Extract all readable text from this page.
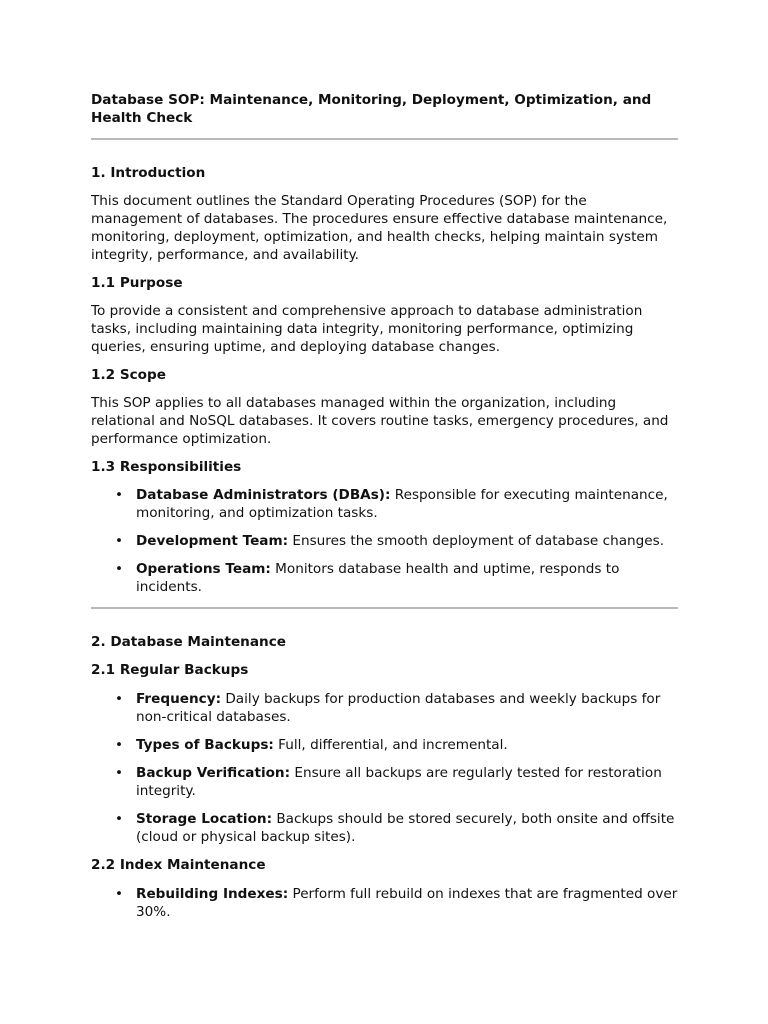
Database SOP: Maintenance, Monitoring, Deployment, Optimization, and Health Check

1. Introduction

This document outlines the Standard Operating Procedures (SOP) for the management of databases. The procedures ensure effective database maintenance, monitoring, deployment, optimization, and health checks, helping maintain system integrity, performance, and availability.

1.1 Purpose

To provide a consistent and comprehensive approach to database administration tasks, including maintaining data integrity, monitoring performance, optimizing queries, ensuring uptime, and deploying database changes.

1.2 Scope

This SOP applies to all databases managed within the organization, including relational and NoSQL databases. It covers routine tasks, emergency procedures, and performance optimization.

1.3 Responsibilities
• Database Administrators (DBAs): Responsible for executing maintenance, monitoring, and optimization tasks.
• Development Team: Ensures the smooth deployment of database changes.
• Operations Team: Monitors database health and uptime, responds to incidents.
2. Database Maintenance
2.1 Regular Backups
• Frequency: Daily backups for production databases and weekly backups for non-critical databases.
• Types of Backups: Full, differential, and incremental.
• Backup Verification: Ensure all backups are regularly tested for restoration integrity.
• Storage Location: Backups should be stored securely, both onsite and offsite (cloud or physical backup sites).
2.2 Index Maintenance
• Rebuilding Indexes: Perform full rebuild on indexes that are fragmented over 30%.
